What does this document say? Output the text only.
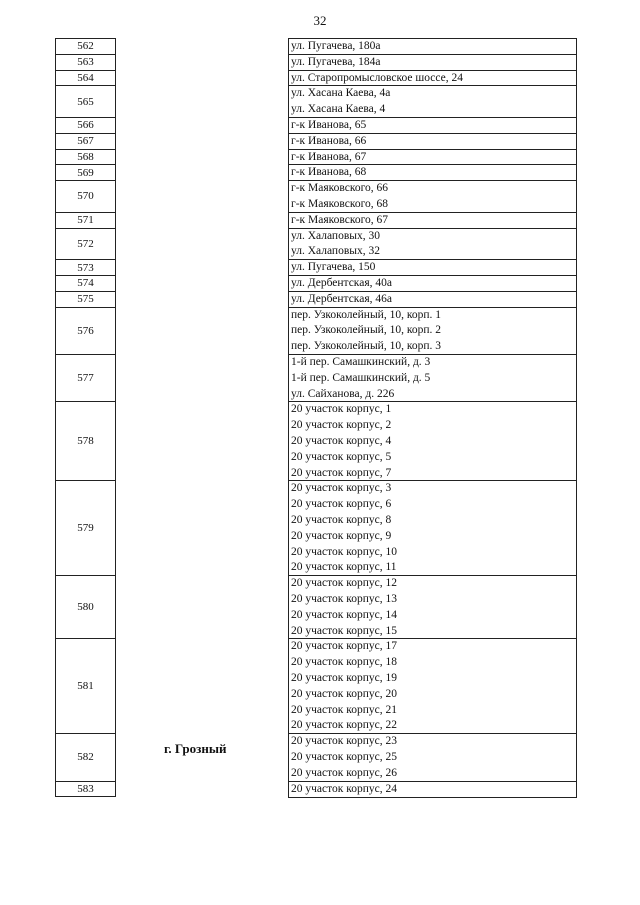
32
562
563
564
565
566
567
568
569
570
571
572
573
574
575
576
577
578
579
580
581
582
583
ул. Пугачева, 180а
ул. Пугачева, 184а
ул. Старопромысловское шоссе, 24
ул. Хасана Каева, 4а
ул. Хасана Каева, 4
г-к Иванова, 65
г-к Иванова, 66
г-к Иванова, 67
г-к Иванова, 68
г-к Маяковского, 66
г-к Маяковского, 68
г-к Маяковского, 67
ул. Халаповых, 30
ул. Халаповых, 32
ул. Пугачева, 150
ул. Дербентская, 40а
ул. Дербентская, 46а
пер. Узкоколейный, 10, корп. 1
пер. Узкоколейный, 10, корп. 2
пер. Узкоколейный, 10, корп. 3
1-й пер. Самашкинский, д. 3
1-й пер. Самашкинский, д. 5
ул. Сайханова, д. 226
20 участок корпус, 1
20 участок корпус, 2
20 участок корпус, 4
20 участок корпус, 5
20 участок корпус, 7
20 участок корпус, 3
20 участок корпус, 6
20 участок корпус, 8
20 участок корпус, 9
20 участок корпус, 10
20 участок корпус, 11
20 участок корпус, 12
20 участок корпус, 13
20 участок корпус, 14
20 участок корпус, 15
20 участок корпус, 17
20 участок корпус, 18
20 участок корпус, 19
20 участок корпус, 20
20 участок корпус, 21
20 участок корпус, 22
20 участок корпус, 23
20 участок корпус, 25
20 участок корпус, 26
20 участок корпус, 24
г. Грозный
